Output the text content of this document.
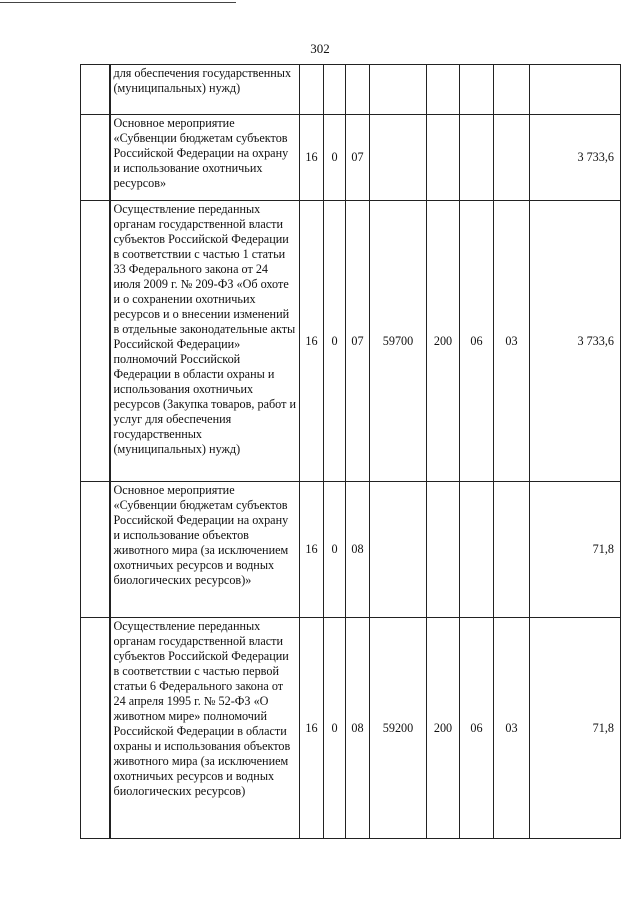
302
	для обеспечения государственных (муниципальных) нужд)								
	Основное мероприятие «Субвенции бюджетам субъектов Российской Федерации на охрану и использование охотничьих ресурсов»	16	0	07					3 733,6
	Осуществление переданных органам государственной власти субъектов Российской Федерации в соответствии с частью 1 статьи 33 Федерального закона от 24 июля 2009 г. № 209-ФЗ «Об охоте и о сохранении охотничьих ресурсов и о внесении изменений в отдельные законодательные акты Российской Федерации» полномочий Российской Федерации в области охраны и использования охотничьих ресурсов (Закупка товаров, работ и услуг для обеспечения государственных (муниципальных) нужд)	16	0	07	59700	200	06	03	3 733,6
	Основное мероприятие «Субвенции бюджетам субъектов Российской Федерации на охрану и использование объектов животного мира (за исключением охотничьих ресурсов и водных биологических ресурсов)»	16	0	08					71,8
	Осуществление переданных органам государственной власти субъектов Российской Федерации в соответствии с частью первой статьи 6 Федерального закона от 24 апреля 1995 г. № 52-ФЗ «О животном мире» полномочий Российской Федерации в области охраны и использования объектов животного мира (за исключением охотничьих ресурсов и водных биологических ресурсов)	16	0	08	59200	200	06	03	71,8
